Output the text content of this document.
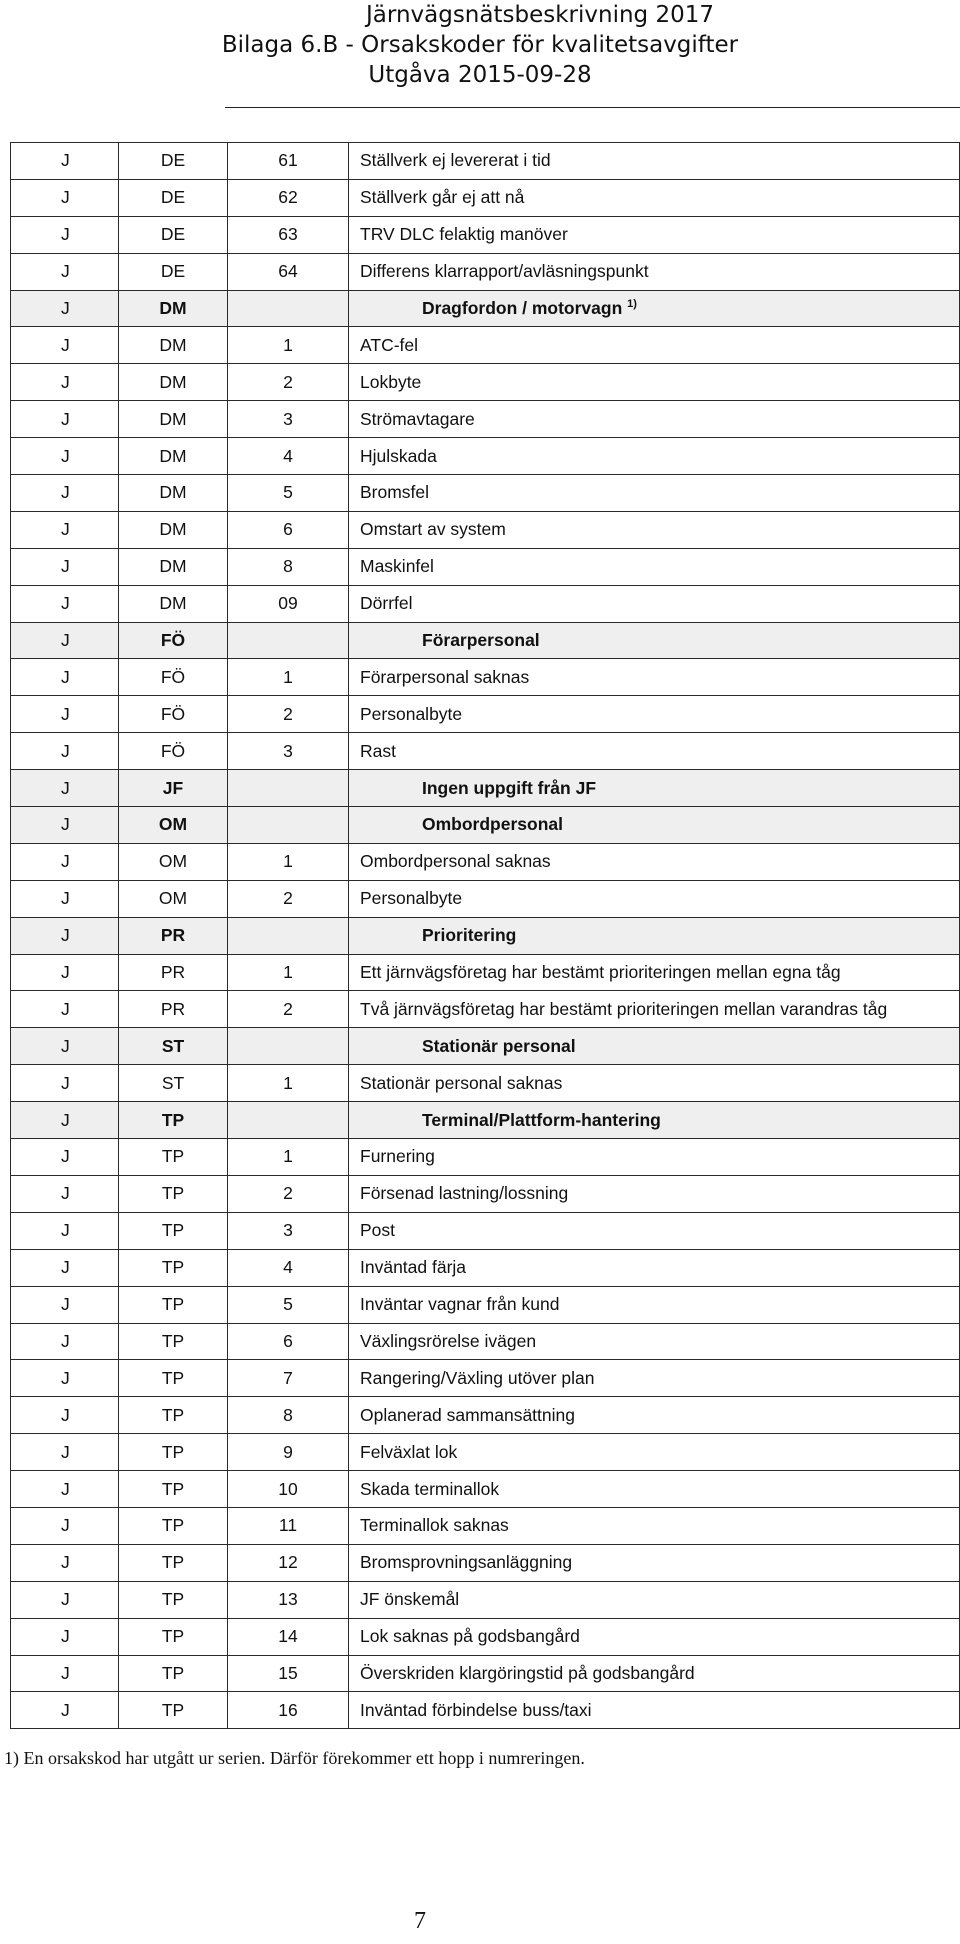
Järnvägsnätsbeskrivning 2017
Bilaga 6.B - Orsakskoder för kvalitetsavgifter
Utgåva 2015-09-28
J	DE	61	Ställverk ej levererat i tid
J	DE	62	Ställverk går ej att nå
J	DE	63	TRV DLC felaktig manöver
J	DE	64	Differens klarrapport/avläsningspunkt
J	DM		Dragfordon / motorvagn $^{1)}$
J	DM	1	ATC-fel
J	DM	2	Lokbyte
J	DM	3	Strömavtagare
J	DM	4	Hjulskada
J	DM	5	Bromsfel
J	DM	6	Omstart av system
J	DM	8	Maskinfel
J	DM	09	Dörrfel
J	FÖ		Förarpersonal
J	FÖ	1	Förarpersonal saknas
J	FÖ	2	Personalbyte
J	FÖ	3	Rast
J	JF		Ingen uppgift från JF
J	OM		Ombordpersonal
J	OM	1	Ombordpersonal saknas
J	OM	2	Personalbyte
J	PR		Prioritering
J	PR	1	Ett järnvägsföretag har bestämt prioriteringen mellan egna tåg
J	PR	2	Två järnvägsföretag har bestämt prioriteringen mellan varandras tåg
J	ST		Stationär personal
J	ST	1	Stationär personal saknas
J	TP		Terminal/Plattform-hantering
J	TP	1	Furnering
J	TP	2	Försenad lastning/lossning
J	TP	3	Post
J	TP	4	Inväntad färja
J	TP	5	Inväntar vagnar från kund
J	TP	6	Växlingsrörelse ivägen
J	TP	7	Rangering/Växling utöver plan
J	TP	8	Oplanerad sammansättning
J	TP	9	Felväxlat lok
J	TP	10	Skada terminallok
J	TP	11	Terminallok saknas
J	TP	12	Bromsprovningsanläggning
J	TP	13	JF önskemål
J	TP	14	Lok saknas på godsbangård
J	TP	15	Överskriden klargöringstid på godsbangård
J	TP	16	Inväntad förbindelse buss/taxi
1) En orsakskod har utgått ur serien. Därför förekommer ett hopp i numreringen.
7
